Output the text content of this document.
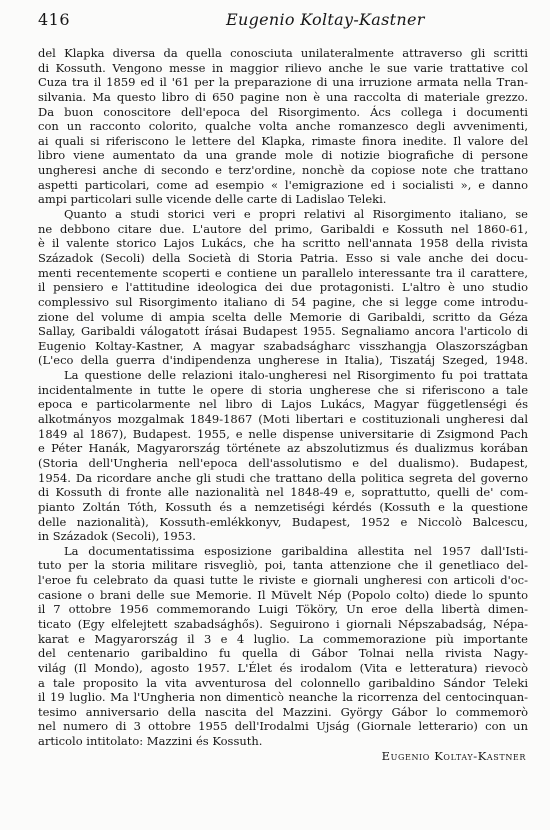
416	Eugenio Koltay-Kastner
del Klapka diversa da quella conosciuta unilateralmente attraverso gli scritti
di Kossuth. Vengono messe in maggior rilievo anche le sue varie trattative col
Cuza tra il 1859 ed il '61 per la preparazione di una irruzione armata nella Tran-
silvania. Ma questo libro di 650 pagine non è una raccolta di materiale grezzo.
Da buon conoscitore dell'epoca del Risorgimento. Ács collega i documenti
con un racconto colorito, qualche volta anche romanzesco degli avvenimenti,
ai quali si riferiscono le lettere del Klapka, rimaste finora inedite. Il valore del
libro viene aumentato da una grande mole di notizie biografiche di persone
ungheresi anche di secondo e terz'ordine, nonchè da copiose note che trattano
aspetti particolari, come ad esempio « l'emigrazione ed i socialisti », e danno
ampi particolari sulle vicende delle carte di Ladislao Teleki.
Quanto a studi storici veri e propri relativi al Risorgimento italiano, se
ne debbono citare due. L'autore del primo, Garibaldi e Kossuth nel 1860-61,
è il valente storico Lajos Lukács, che ha scritto nell'annata 1958 della rivista
Századok (Secoli) della Società di Storia Patria. Esso si vale anche dei docu-
menti recentemente scoperti e contiene un parallelo interessante tra il carattere,
il pensiero e l'attitudine ideologica dei due protagonisti. L'altro è uno studio
complessivo sul Risorgimento italiano di 54 pagine, che si legge come introdu-
zione del volume di ampia scelta delle Memorie di Garibaldi, scritto da Géza
Sallay, Garibaldi válogatott írásai Budapest 1955. Segnaliamo ancora l'articolo di
Eugenio Koltay-Kastner, A magyar szabadságharc visszhangja Olaszországban
(L'eco della guerra d'indipendenza ungherese in Italia), Tiszatáj Szeged, 1948.
La questione delle relazioni italo-ungheresi nel Risorgimento fu poi trattata
incidentalmente in tutte le opere di storia ungherese che si riferiscono a tale
epoca e particolarmente nel libro di Lajos Lukács, Magyar függetlenségi és
alkotmányos mozgalmak 1849-1867 (Moti libertari e costituzionali ungheresi dal
1849 al 1867), Budapest. 1955, e nelle dispense universitarie di Zsigmond Pach
e Péter Hanák, Magyarország története az abszolutizmus és dualizmus korában
(Storia dell'Ungheria nell'epoca dell'assolutismo e del dualismo). Budapest,
1954. Da ricordare anche gli studi che trattano della politica segreta del governo
di Kossuth di fronte alle nazionalità nel 1848-49 e, soprattutto, quelli de' com-
pianto Zoltán Tóth, Kossuth és a nemzetiségi kérdés (Kossuth e la questione
delle nazionalità), Kossuth-emlékkonyv, Budapest, 1952 e Niccolò Balcescu,
in Századok (Secoli), 1953.
La documentatissima esposizione garibaldina allestita nel 1957 dall'Isti-
tuto per la storia militare risvegliò, poi, tanta attenzione che il genetliaco del-
l'eroe fu celebrato da quasi tutte le riviste e giornali ungheresi con articoli d'oc-
casione o brani delle sue Memorie. Il Müvelt Nép (Popolo colto) diede lo spunto
il 7 ottobre 1956 commemorando Luigi Tököry, Un eroe della libertà dimen-
ticato (Egy elfelejtett szabadsághős). Seguirono i giornali Népszabadság, Népa-
karat e Magyarország il 3 e 4 luglio. La commemorazione più importante
del centenario garibaldino fu quella di Gábor Tolnai nella rivista Nagy-
világ (Il Mondo), agosto 1957. L'Élet és irodalom (Vita e letteratura) rievocò
a tale proposito la vita avventurosa del colonnello garibaldino Sándor Teleki
il 19 luglio. Ma l'Ungheria non dimenticò neanche la ricorrenza del centocinquan-
tesimo anniversario della nascita del Mazzini. György Gábor lo commemorò
nel numero di 3 ottobre 1955 dell'Irodalmi Ujság (Giornale letterario) con un
articolo intitolato: Mazzini és Kossuth.
Eugenio Koltay-Kastner
